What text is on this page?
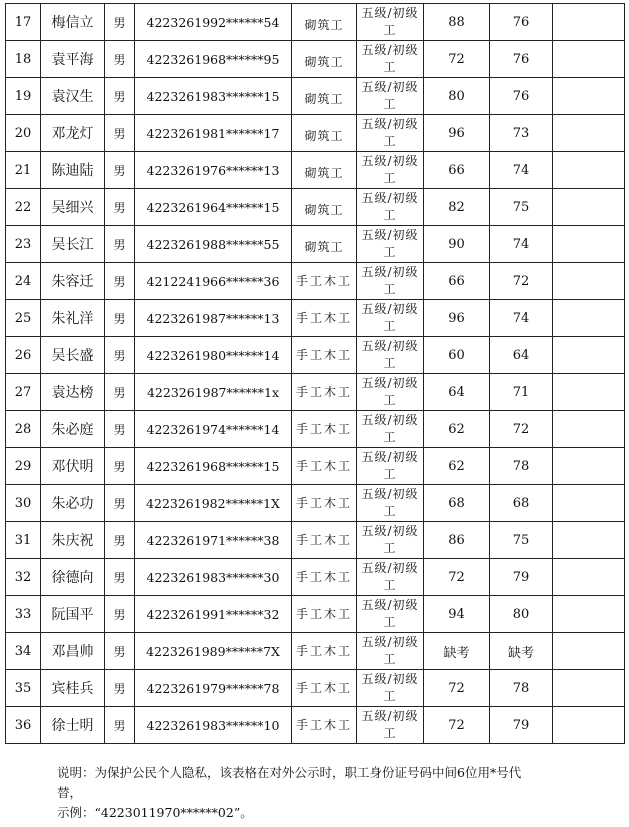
17	梅信立	男	4223261992******54	砌筑工	五级/初级工	88	76	
18	袁平海	男	4223261968******95	砌筑工	五级/初级工	72	76	
19	袁汉生	男	4223261983******15	砌筑工	五级/初级工	80	76	
20	邓龙灯	男	4223261981******17	砌筑工	五级/初级工	96	73	
21	陈迪陆	男	4223261976******13	砌筑工	五级/初级工	66	74	
22	吴细兴	男	4223261964******15	砌筑工	五级/初级工	82	75	
23	吴长江	男	4223261988******55	砌筑工	五级/初级工	90	74	
24	朱容迁	男	4212241966******36	手工木工	五级/初级工	66	72	
25	朱礼洋	男	4223261987******13	手工木工	五级/初级工	96	74	
26	吴长盛	男	4223261980******14	手工木工	五级/初级工	60	64	
27	袁达榜	男	4223261987******1x	手工木工	五级/初级工	64	71	
28	朱必庭	男	4223261974******14	手工木工	五级/初级工	62	72	
29	邓伏明	男	4223261968******15	手工木工	五级/初级工	62	78	
30	朱必功	男	4223261982******1X	手工木工	五级/初级工	68	68	
31	朱庆祝	男	4223261971******38	手工木工	五级/初级工	86	75	
32	徐德向	男	4223261983******30	手工木工	五级/初级工	72	79	
33	阮国平	男	4223261991******32	手工木工	五级/初级工	94	80	
34	邓昌帅	男	4223261989******7X	手工木工	五级/初级工	缺考	缺考	
35	宾桂兵	男	4223261979******78	手工木工	五级/初级工	72	78	
36	徐士明	男	4223261983******10	手工木工	五级/初级工	72	79	
说明：为保护公民个人隐私，该表格在对外公示时，职工身份证号码中间6位用*号代
替，
示例：“4223011970******02”。
